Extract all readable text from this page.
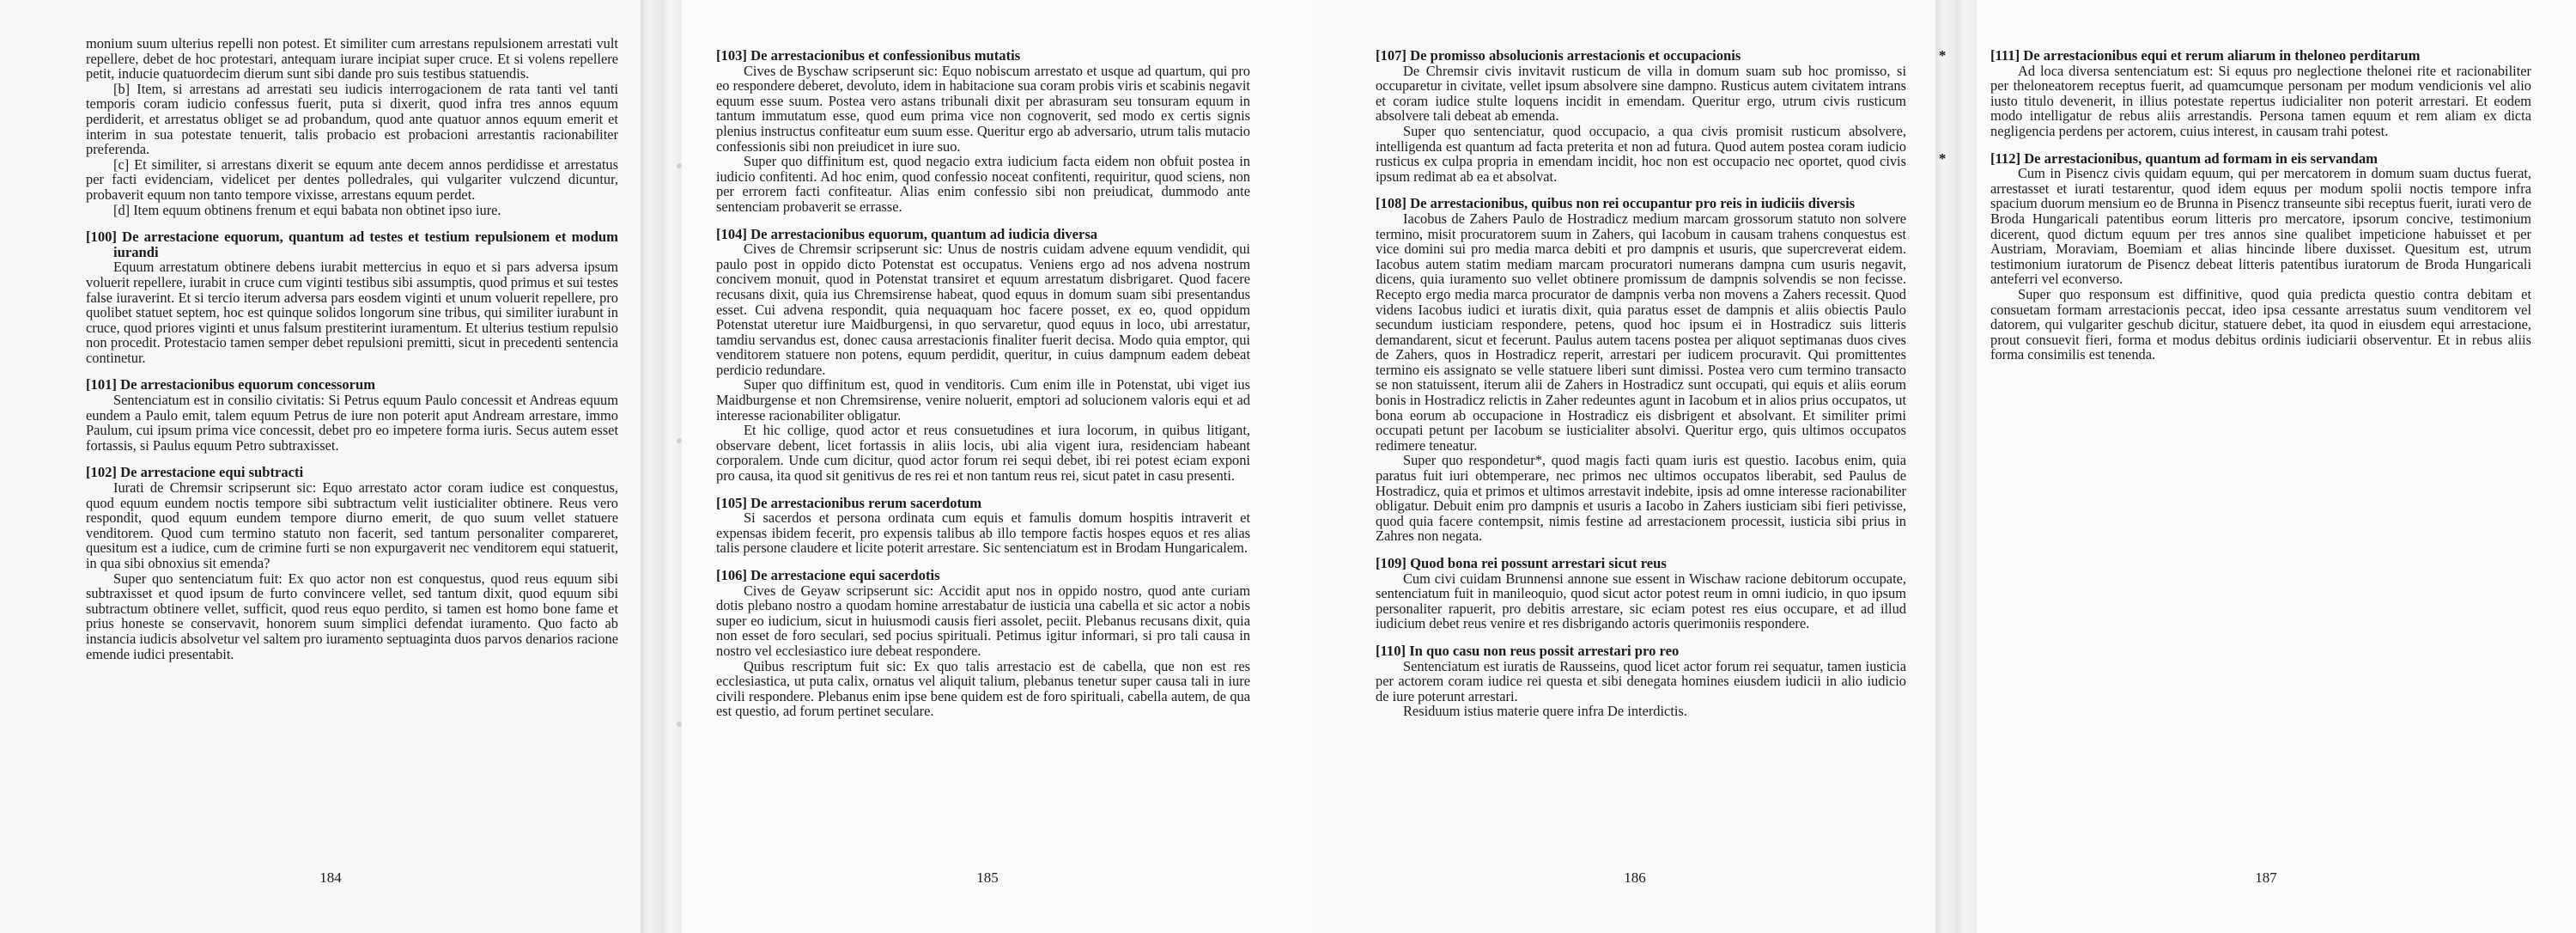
monium suum ulterius repelli non potest. Et similiter cum arrestans repulsionem arrestati vult repellere, debet de hoc protestari, antequam iurare incipiat super cruce. Et si volens repellere petit, inducie quatuordecim dierum sunt sibi dande pro suis testibus statuendis.

[b] Item, si arrestans ad arrestati seu iudicis interrogacionem de rata tanti vel tanti temporis coram iudicio confessus fuerit, puta si dixerit, quod infra tres annos equum perdiderit, et arrestatus obliget se ad probandum, quod ante quatuor annos equum emerit et interim in sua potestate tenuerit, talis probacio est probacioni arrestantis racionabiliter preferenda.

[c] Et similiter, si arrestans dixerit se equum ante decem annos perdidisse et arrestatus per facti evidenciam, videlicet per dentes polledrales, qui vulgariter vulczend dicuntur, probaverit equum non tanto tempore vixisse, arrestans equum perdet.

[d] Item equum obtinens frenum et equi babata non obtinet ipso iure.

[100] De arrestacione equorum, quantum ad testes et testium repulsionem et modum iurandi

Equum arrestatum obtinere debens iurabit mettercius in equo et si pars adversa ipsum voluerit repellere, iurabit in cruce cum viginti testibus sibi assumptis, quod primus et sui testes false iuraverint. Et si tercio iterum adversa pars eosdem viginti et unum voluerit repellere, pro quolibet statuet septem, hoc est quinque solidos longorum sine tribus, qui similiter iurabunt in cruce, quod priores viginti et unus falsum prestiterint iuramentum. Et ulterius testium repulsio non procedit. Protestacio tamen semper debet repulsioni premitti, sicut in precedenti sentencia continetur.

[101] De arrestacionibus equorum concessorum

Sentenciatum est in consilio civitatis: Si Petrus equum Paulo concessit et Andreas equum eundem a Paulo emit, talem equum Petrus de iure non poterit aput Andream arrestare, immo Paulum, cui ipsum prima vice concessit, debet pro eo impetere forma iuris. Secus autem esset fortassis, si Paulus equum Petro subtraxisset.

[102] De arrestacione equi subtracti

Iurati de Chremsir scripserunt sic: Equo arrestato actor coram iudice est conquestus, quod equum eundem noctis tempore sibi subtractum velit iusticialiter obtinere. Reus vero respondit, quod equum eundem tempore diurno emerit, de quo suum vellet statuere venditorem. Quod cum termino statuto non facerit, sed tantum personaliter compareret, quesitum est a iudice, cum de crimine furti se non expurgaverit nec venditorem equi statuerit, in qua sibi obnoxius sit emenda?

Super quo sentenciatum fuit: Ex quo actor non est conquestus, quod reus equum sibi subtraxisset et quod ipsum de furto convincere vellet, sed tantum dixit, quod equum sibi subtractum obtinere vellet, sufficit, quod reus equo perdito, si tamen est homo bone fame et prius honeste se conservavit, honorem suum simplici defendat iuramento. Quo facto ab instancia iudicis absolvetur vel saltem pro iuramento septuaginta duos parvos denarios racione emende iudici presentabit.

184
[103] De arrestacionibus et confessionibus mutatis

Cives de Byschaw scripserunt sic: Equo nobiscum arrestato et usque ad quartum, qui pro eo respondere deberet, devoluto, idem in habitacione sua coram probis viris et scabinis negavit equum esse suum. Postea vero astans tribunali dixit per abrasuram seu tonsuram equum in tantum immutatum esse, quod eum prima vice non cognoverit, sed modo ex certis signis plenius instructus confiteatur eum suum esse. Queritur ergo ab adversario, utrum talis mutacio confessionis sibi non preiudicet in iure suo.

Super quo diffinitum est, quod negacio extra iudicium facta eidem non obfuit postea in iudicio confitenti. Ad hoc enim, quod confessio noceat confitenti, requiritur, quod sciens, non per errorem facti confiteatur. Alias enim confessio sibi non preiudicat, dummodo ante sentenciam probaverit se errasse.

[104] De arrestacionibus equorum, quantum ad iudicia diversa

Cives de Chremsir scripserunt sic: Unus de nostris cuidam advene equum vendidit, qui paulo post in oppido dicto Potenstat est occupatus. Veniens ergo ad nos advena nostrum concivem monuit, quod in Potenstat transiret et equum arrestatum disbrigaret. Quod facere recusans dixit, quia ius Chremsirense habeat, quod equus in domum suam sibi presentandus esset. Cui advena respondit, quia nequaquam hoc facere posset, ex eo, quod oppidum Potenstat uteretur iure Maidburgensi, in quo servaretur, quod equus in loco, ubi arrestatur, tamdiu servandus est, donec causa arrestacionis finaliter fuerit decisa. Modo quia emptor, qui venditorem statuere non potens, equum perdidit, queritur, in cuius dampnum eadem debeat perdicio redundare.

Super quo diffinitum est, quod in venditoris. Cum enim ille in Potenstat, ubi viget ius Maidburgense et non Chremsirense, venire noluerit, emptori ad solucionem valoris equi et ad interesse racionabiliter obligatur.

Et hic collige, quod actor et reus consuetudines et iura locorum, in quibus litigant, observare debent, licet fortassis in aliis locis, ubi alia vigent iura, residenciam habeant corporalem. Unde cum dicitur, quod actor forum rei sequi debet, ibi rei potest eciam exponi pro causa, ita quod sit genitivus de res rei et non tantum reus rei, sicut patet in casu presenti.

[105] De arrestacionibus rerum sacerdotum

Si sacerdos et persona ordinata cum equis et famulis domum hospitis intraverit et expensas ibidem fecerit, pro expensis talibus ab illo tempore factis hospes equos et res alias talis persone claudere et licite poterit arrestare. Sic sentenciatum est in Brodam Hungaricalem.

[106] De arrestacione equi sacerdotis

Cives de Geyaw scripserunt sic: Accidit aput nos in oppido nostro, quod ante curiam dotis plebano nostro a quodam homine arrestabatur de iusticia una cabella et sic actor a nobis super eo iudicium, sicut in huiusmodi causis fieri assolet, peciit. Plebanus recusans dixit, quia non esset de foro seculari, sed pocius spirituali. Petimus igitur informari, si pro tali causa in nostro vel ecclesiastico iure debeat respondere.

Quibus rescriptum fuit sic: Ex quo talis arrestacio est de cabella, que non est res ecclesiastica, ut puta calix, ornatus vel aliquit talium, plebanus tenetur super causa tali in iure civili respondere. Plebanus enim ipse bene quidem est de foro spirituali, cabella autem, de qua est questio, ad forum pertinet seculare.

185
[107] De promisso absolucionis arrestacionis et occupacionis

De Chremsir civis invitavit rusticum de villa in domum suam sub hoc promisso, si occuparetur in civitate, vellet ipsum absolvere sine dampno. Rusticus autem civitatem intrans et coram iudice stulte loquens incidit in emendam. Queritur ergo, utrum civis rusticum absolvere tali debeat ab emenda.

Super quo sentenciatur, quod occupacio, a qua civis promisit rusticum absolvere, intelligenda est quantum ad facta preterita et non ad futura. Quod autem postea coram iudicio rusticus ex culpa propria in emendam incidit, hoc non est occupacio nec oportet, quod civis ipsum redimat ab ea et absolvat.

[108] De arrestacionibus, quibus non rei occupantur pro reis in iudiciis diversis

Iacobus de Zahers Paulo de Hostradicz medium marcam grossorum statuto non solvere termino, misit procuratorem suum in Zahers, qui Iacobum in causam trahens conquestus est vice domini sui pro media marca debiti et pro dampnis et usuris, que supercreverat eidem. Iacobus autem statim mediam marcam procuratori numerans dampna cum usuris negavit, dicens, quia iuramento suo vellet obtinere promissum de dampnis solvendis se non fecisse. Recepto ergo media marca procurator de dampnis verba non movens a Zahers recessit. Quod videns Iacobus iudici et iuratis dixit, quia paratus esset de dampnis et aliis obiectis Paulo secundum iusticiam respondere, petens, quod hoc ipsum ei in Hostradicz suis litteris demandarent, sicut et fecerunt. Paulus autem tacens postea per aliquot septimanas duos cives de Zahers, quos in Hostradicz reperit, arrestari per iudicem procuravit. Qui promittentes termino eis assignato se velle statuere liberi sunt dimissi. Postea vero cum termino transacto se non statuissent, iterum alii de Zahers in Hostradicz sunt occupati, qui equis et aliis eorum bonis in Hostradicz relictis in Zaher redeuntes agunt in Iacobum et in alios prius occupatos, ut bona eorum ab occupacione in Hostradicz eis disbrigent et absolvant. Et similiter primi occupati petunt per Iacobum se iusticialiter absolvi. Queritur ergo, quis ultimos occupatos redimere teneatur.

Super quo respondetur*, quod magis facti quam iuris est questio. Iacobus enim, quia paratus fuit iuri obtemperare, nec primos nec ultimos occupatos liberabit, sed Paulus de Hostradicz, quia et primos et ultimos arrestavit indebite, ipsis ad omne interesse racionabiliter obligatur. Debuit enim pro dampnis et usuris a Iacobo in Zahers iusticiam sibi fieri petivisse, quod quia facere contempsit, nimis festine ad arrestacionem processit, iusticia sibi prius in Zahres non negata.

[109] Quod bona rei possunt arrestari sicut reus

Cum civi cuidam Brunnensi annone sue essent in Wischaw racione debitorum occupate, sentenciatum fuit in manileoquio, quod sicut actor potest reum in omni iudicio, in quo ipsum personaliter rapuerit, pro debitis arrestare, sic eciam potest res eius occupare, et ad illud iudicium debet reus venire et res disbrigando actoris querimoniis respondere.

[110] In quo casu non reus possit arrestari pro reo

Sentenciatum est iuratis de Rausseins, quod licet actor forum rei sequatur, tamen iusticia per actorem coram iudice rei questa et sibi denegata homines eiusdem iudicii in alio iudicio de iure poterunt arrestari.

Residuum istius materie quere infra De interdictis.

186
[111] De arrestacionibus equi et rerum aliarum in theloneo perditarum

Ad loca diversa sentenciatum est: Si equus pro neglectione thelonei rite et racionabiliter per theloneatorem receptus fuerit, ad quamcumque personam per modum vendicionis vel alio iusto titulo devenerit, in illius potestate repertus iudicialiter non poterit arrestari. Et eodem modo intelligatur de rebus aliis arrestandis. Persona tamen equum et rem aliam ex dicta negligencia perdens per actorem, cuius interest, in causam trahi potest.

[112] De arrestacionibus, quantum ad formam in eis servandam

Cum in Pisencz civis quidam equum, qui per mercatorem in domum suam ductus fuerat, arrestasset et iurati testarentur, quod idem equus per modum spolii noctis tempore infra spacium duorum mensium eo de Brunna in Pisencz transeunte sibi receptus fuerit, iurati vero de Broda Hungaricali patentibus eorum litteris pro mercatore, ipsorum concive, testimonium dicerent, quod dictum equum per tres annos sine qualibet impeticione habuisset et per Austriam, Moraviam, Boemiam et alias hincinde libere duxisset. Quesitum est, utrum testimonium iuratorum de Pisencz debeat litteris patentibus iuratorum de Broda Hungaricali anteferri vel econverso.

Super quo responsum est diffinitive, quod quia predicta questio contra debitam et consuetam formam arrestacionis peccat, ideo ipsa cessante arrestatus suum venditorem vel datorem, qui vulgariter geschub dicitur, statuere debet, ita quod in eiusdem equi arrestacione, prout consuevit fieri, forma et modus debitus ordinis iudiciarii observentur. Et in rebus aliis forma consimilis est tenenda.

187
